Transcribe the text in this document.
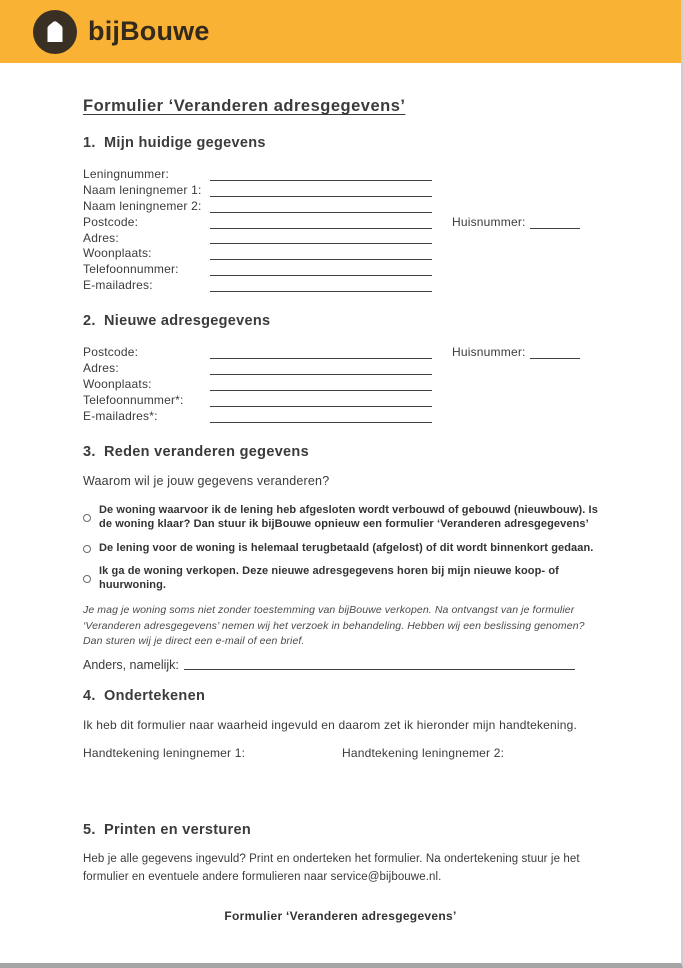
bijBouwe
Formulier ‘Veranderen adresgegevens’
1. Mijn huidige gegevens
Leningnummer:
Naam leningnemer 1:
Naam leningnemer 2:
Postcode:	Huisnummer:
Adres:
Woonplaats:
Telefoonnummer:
E-mailadres:
2. Nieuwe adresgegevens
Postcode:	Huisnummer:
Adres:
Woonplaats:
Telefoonnummer*:
E-mailadres*:
3. Reden veranderen gegevens
Waarom wil je jouw gegevens veranderen?
De woning waarvoor ik de lening heb afgesloten wordt verbouwd of gebouwd (nieuwbouw). Is de woning klaar? Dan stuur ik bijBouwe opnieuw een formulier ‘Veranderen adresgegevens’
De lening voor de woning is helemaal terugbetaald (afgelost) of dit wordt binnenkort gedaan.
Ik ga de woning verkopen. Deze nieuwe adresgegevens horen bij mijn nieuwe koop- of huurwoning.
Je mag je woning soms niet zonder toestemming van bijBouwe verkopen. Na ontvangst van je formulier ‘Veranderen adresgegevens’ nemen wij het verzoek in behandeling. Hebben wij een beslissing genomen? Dan sturen wij je direct een e-mail of een brief.
Anders, namelijk:
4. Ondertekenen
Ik heb dit formulier naar waarheid ingevuld en daarom zet ik hieronder mijn handtekening.
Handtekening leningnemer 1:	Handtekening leningnemer 2:
5. Printen en versturen
Heb je alle gegevens ingevuld? Print en onderteken het formulier. Na ondertekening stuur je het formulier en eventuele andere formulieren naar service@bijbouwe.nl.
Formulier ‘Veranderen adresgegevens’
